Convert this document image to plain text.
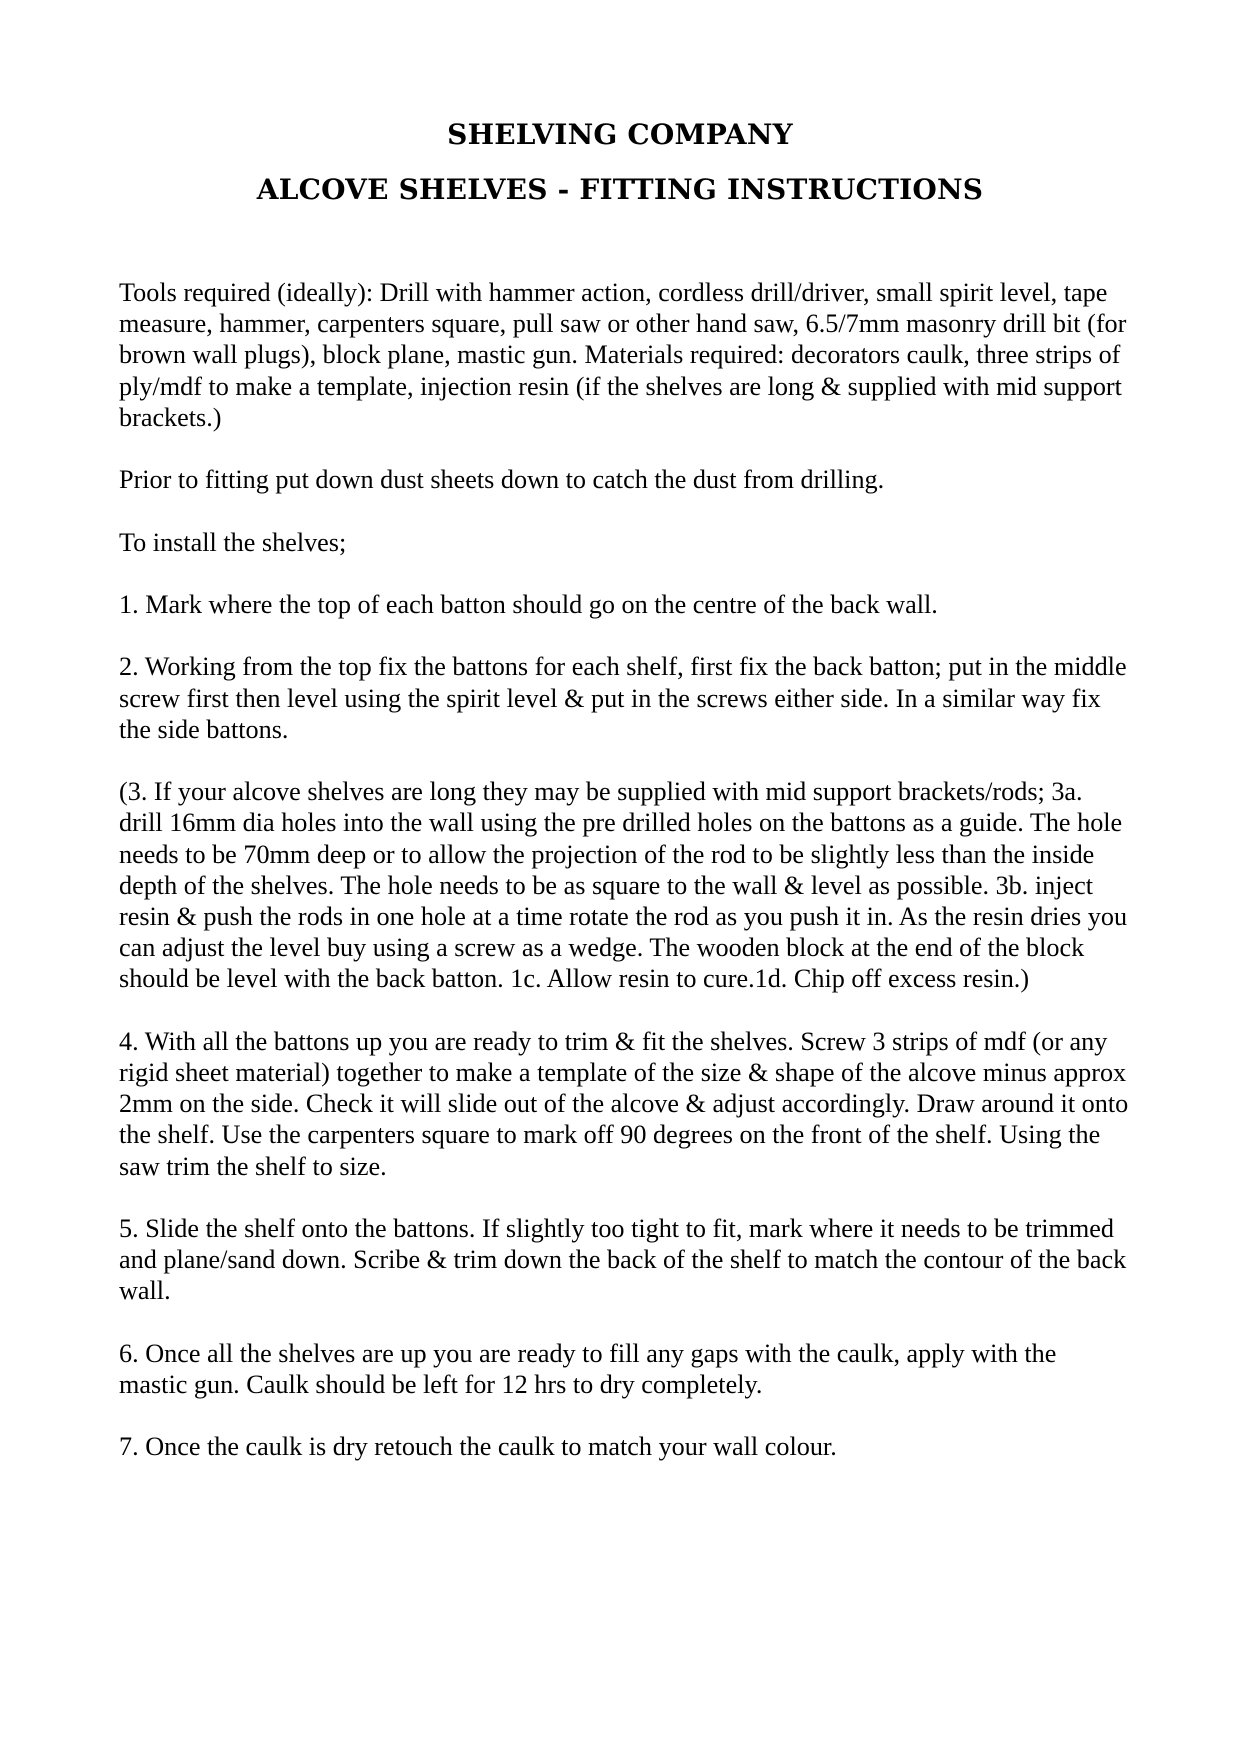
SHELVING COMPANY
ALCOVE SHELVES - FITTING INSTRUCTIONS

Tools required (ideally): Drill with hammer action, cordless drill/driver, small spirit level, tape measure, hammer, carpenters square, pull saw or other hand saw, 6.5/7mm masonry drill bit (for brown wall plugs), block plane, mastic gun. Materials required: decorators caulk, three strips of ply/mdf to make a template, injection resin (if the shelves are long & supplied with mid support brackets.)

Prior to fitting put down dust sheets down to catch the dust from drilling.

To install the shelves;

1. Mark where the top of each batton should go on the centre of the back wall.

2. Working from the top fix the battons for each shelf, first fix the back batton; put in the middle screw first then level using the spirit level & put in the screws either side. In a similar way fix the side battons.

(3. If your alcove shelves are long they may be supplied with mid support brackets/rods; 3a. drill 16mm dia holes into the wall using the pre drilled holes on the battons as a guide. The hole needs to be 70mm deep or to allow the projection of the rod to be slightly less than the inside depth of the shelves. The hole needs to be as square to the wall & level as possible. 3b. inject resin & push the rods in one hole at a time rotate the rod as you push it in. As the resin dries you can adjust the level buy using a screw as a wedge. The wooden block at the end of the block should be level with the back batton. 1c. Allow resin to cure.1d. Chip off excess resin.)

4. With all the battons up you are ready to trim & fit the shelves. Screw 3 strips of mdf (or any rigid sheet material) together to make a template of the size & shape of the alcove minus approx 2mm on the side. Check it will slide out of the alcove & adjust accordingly. Draw around it onto the shelf. Use the carpenters square to mark off 90 degrees on the front of the shelf. Using the saw trim the shelf to size.

5. Slide the shelf onto the battons. If slightly too tight to fit, mark where it needs to be trimmed and plane/sand down. Scribe & trim down the back of the shelf to match the contour of the back wall.

6. Once all the shelves are up you are ready to fill any gaps with the caulk, apply with the mastic gun. Caulk should be left for 12 hrs to dry completely.

7. Once the caulk is dry retouch the caulk to match your wall colour.
